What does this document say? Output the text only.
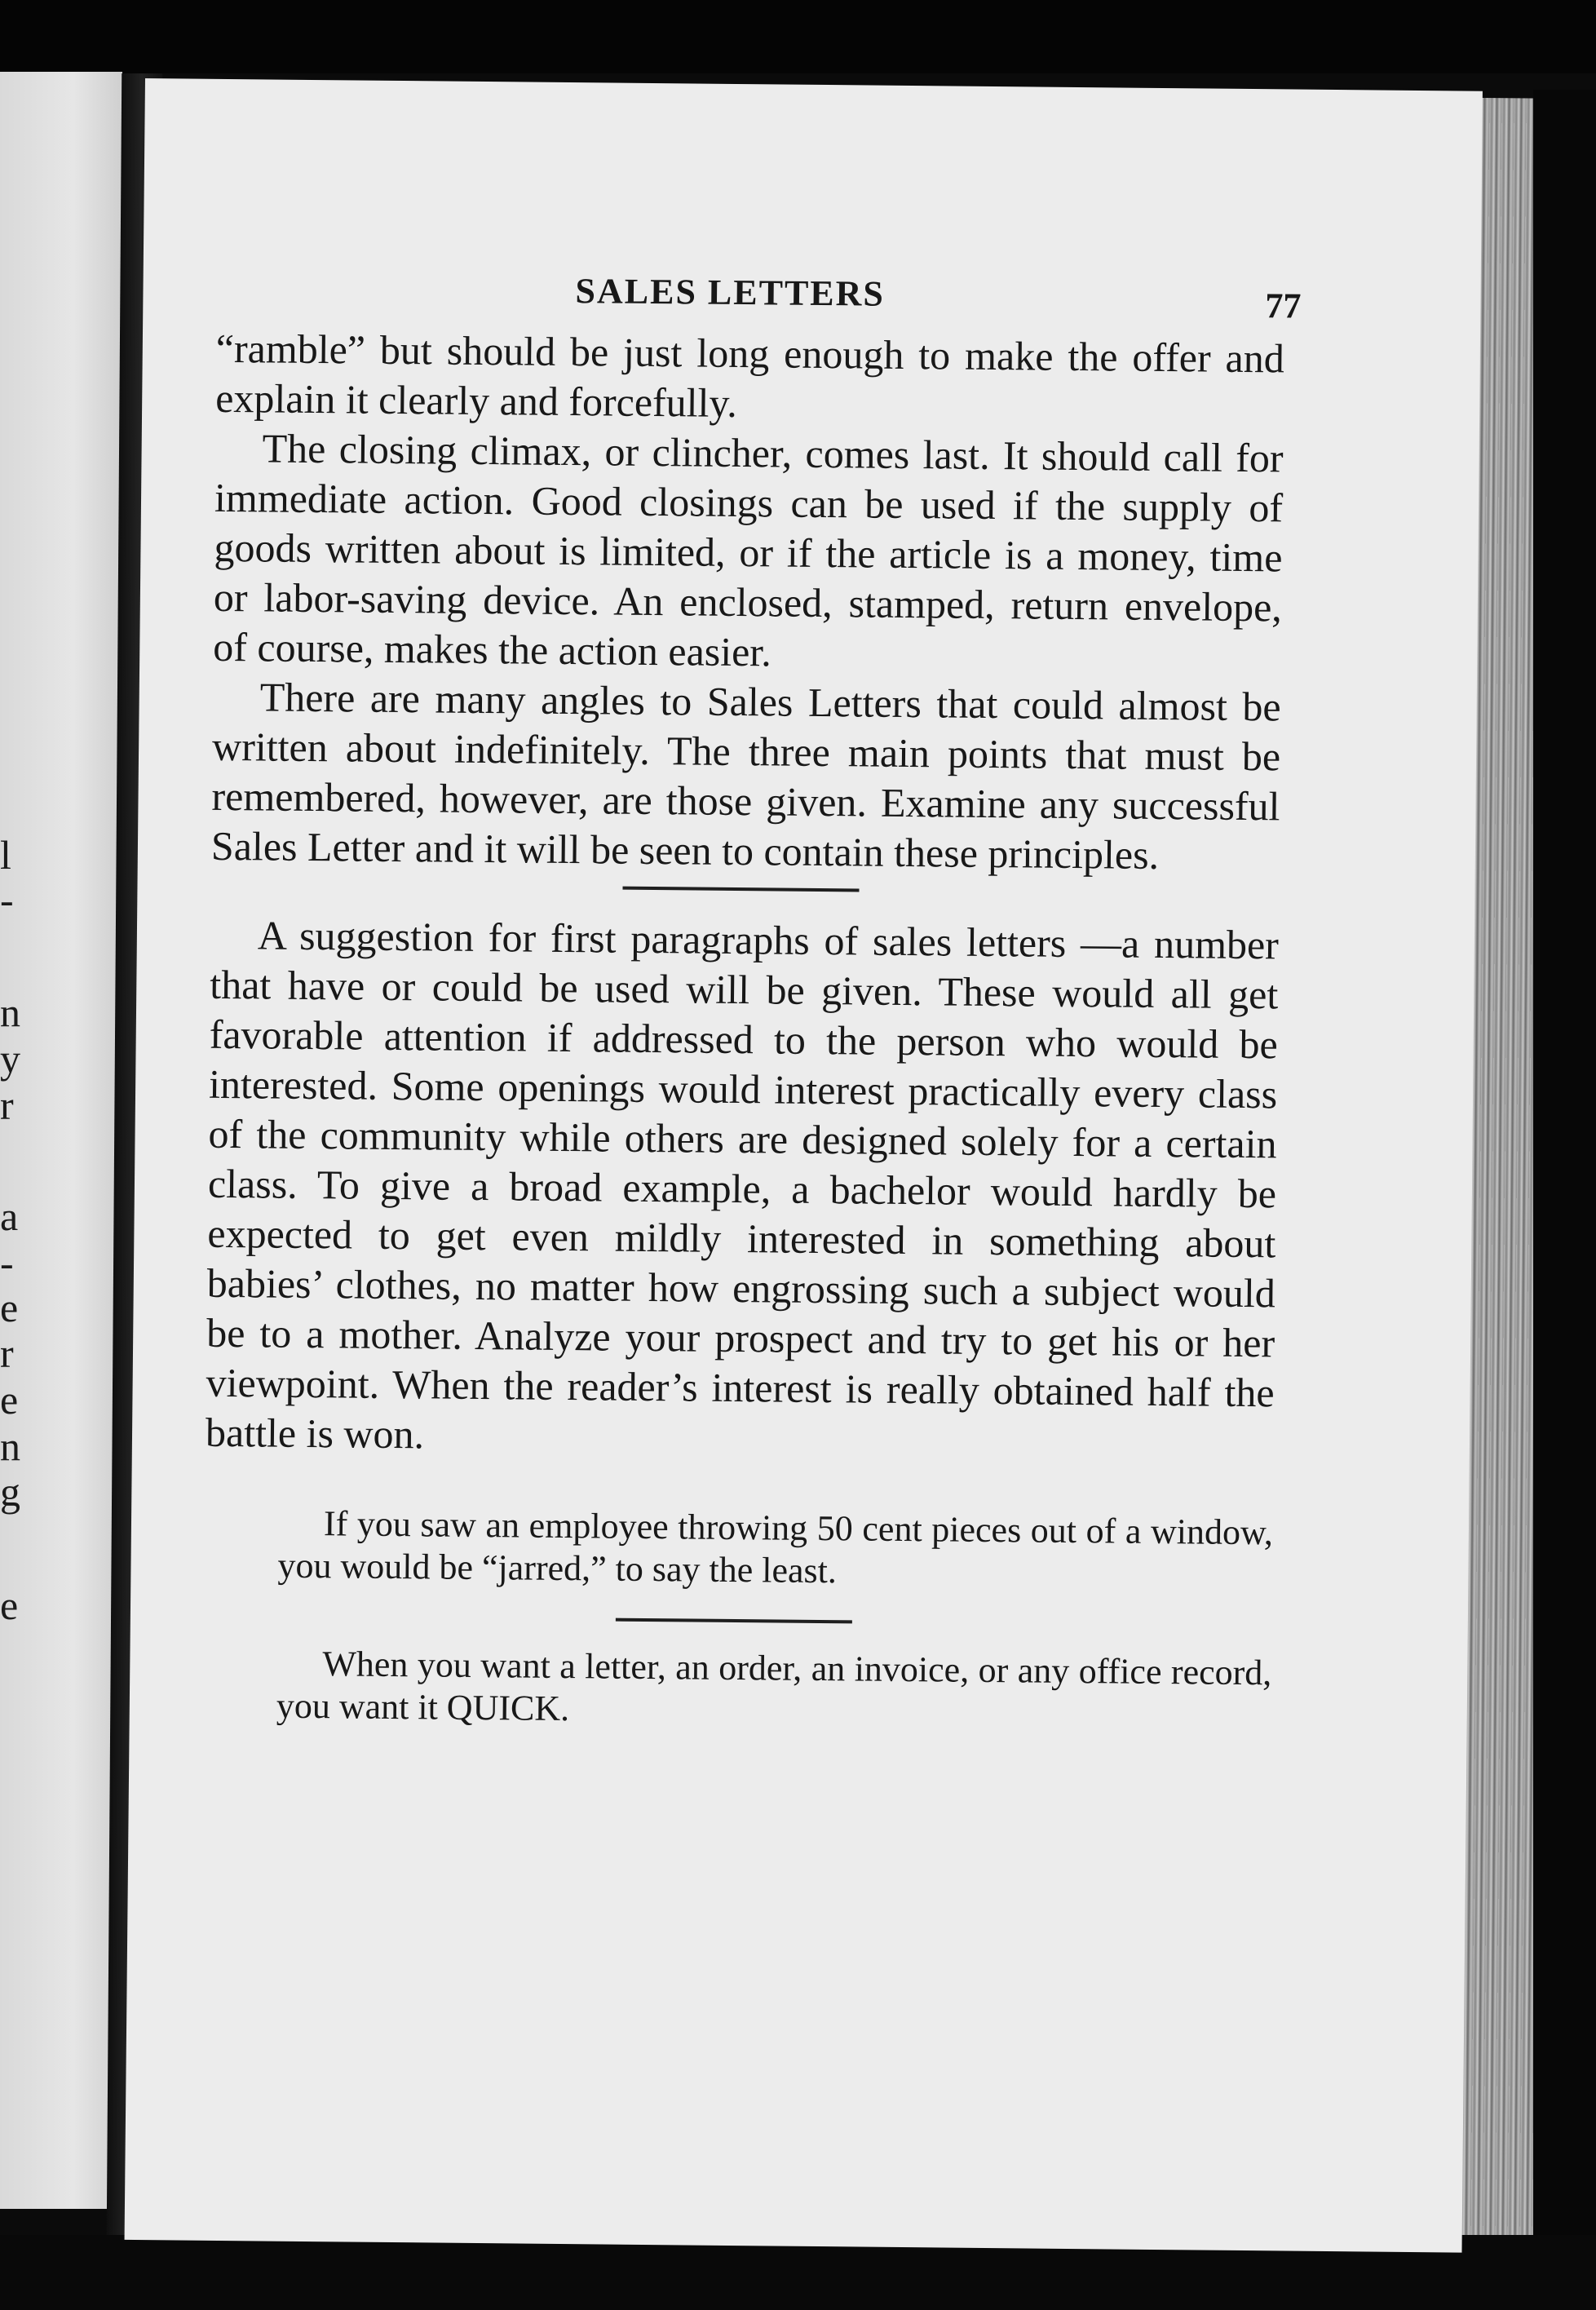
l
-
n
y
r
a
-
e
r
e
n
g
e
SALES LETTERS	77

“ramble” but should be just long enough to make the offer and explain it clearly and forcefully.

The closing climax, or clincher, comes last. It should call for immediate action. Good closings can be used if the supply of goods written about is limited, or if the article is a money, time or labor-saving device. An enclosed, stamped, return envelope, of course, makes the action easier.

There are many angles to Sales Letters that could almost be written about indefinitely. The three main points that must be remembered, however, are those given. Examine any successful Sales Letter and it will be seen to contain these principles.

A suggestion for first paragraphs of sales letters —a number that have or could be used will be given. These would all get favorable attention if addressed to the person who would be interested. Some openings would interest practically every class of the community while others are designed solely for a certain class. To give a broad example, a bachelor would hardly be expected to get even mildly interested in something about babies’ clothes, no matter how engrossing such a subject would be to a mother. Analyze your prospect and try to get his or her viewpoint. When the reader’s interest is really obtained half the battle is won.

If you saw an employee throwing 50 cent pieces out of a window, you would be “jarred,” to say the least.

When you want a letter, an order, an invoice, or any office record, you want it QUICK.
